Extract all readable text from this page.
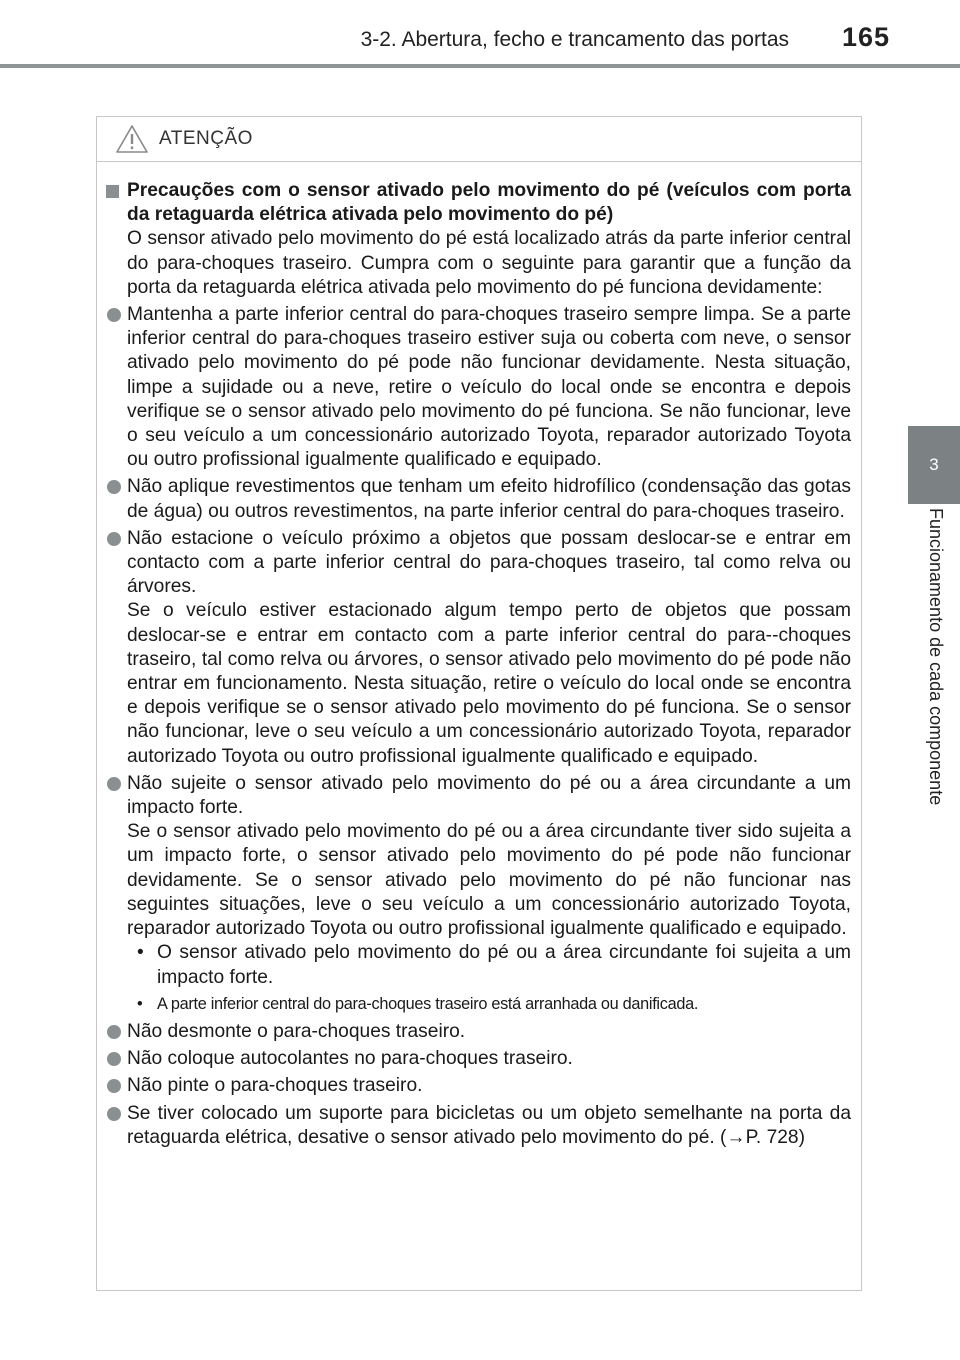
3-2. Abertura, fecho e trancamento das portas 165
3
Funcionamento de cada componente
ATENÇÃO
Precauções com o sensor ativado pelo movimento do pé (veículos com porta da retaguarda elétrica ativada pelo movimento do pé)
O sensor ativado pelo movimento do pé está localizado atrás da parte inferior central do para-choques traseiro. Cumpra com o seguinte para garantir que a função da porta da retaguarda elétrica ativada pelo movimento do pé funciona devidamente:
Mantenha a parte inferior central do para-choques traseiro sempre limpa. Se a parte inferior central do para-choques traseiro estiver suja ou coberta com neve, o sensor ativado pelo movimento do pé pode não funcionar devidamente. Nesta situação, limpe a sujidade ou a neve, retire o veículo do local onde se encontra e depois verifique se o sensor ativado pelo movimento do pé funciona. Se não funcionar, leve o seu veículo a um concessionário autorizado Toyota, reparador autorizado Toyota ou outro profissional igualmente qualificado e equipado.
Não aplique revestimentos que tenham um efeito hidrofílico (condensação das gotas de água) ou outros revestimentos, na parte inferior central do para-choques traseiro.
Não estacione o veículo próximo a objetos que possam deslocar-se e entrar em contacto com a parte inferior central do para-choques traseiro, tal como relva ou árvores.
Se o veículo estiver estacionado algum tempo perto de objetos que possam deslocar-se e entrar em contacto com a parte inferior central do para--choques traseiro, tal como relva ou árvores, o sensor ativado pelo movimento do pé pode não entrar em funcionamento. Nesta situação, retire o veículo do local onde se encontra e depois verifique se o sensor ativado pelo movimento do pé funciona. Se o sensor não funcionar, leve o seu veículo a um concessionário autorizado Toyota, reparador autorizado Toyota ou outro profissional igualmente qualificado e equipado.
Não sujeite o sensor ativado pelo movimento do pé ou a área circundante a um impacto forte.
Se o sensor ativado pelo movimento do pé ou a área circundante tiver sido sujeita a um impacto forte, o sensor ativado pelo movimento do pé pode não funcionar devidamente. Se o sensor ativado pelo movimento do pé não funcionar nas seguintes situações, leve o seu veículo a um concessionário autorizado Toyota, reparador autorizado Toyota ou outro profissional igualmente qualificado e equipado.
• O sensor ativado pelo movimento do pé ou a área circundante foi sujeita a um impacto forte.
• A parte inferior central do para-choques traseiro está arranhada ou danificada.
Não desmonte o para-choques traseiro.
Não coloque autocolantes no para-choques traseiro.
Não pinte o para-choques traseiro.
Se tiver colocado um suporte para bicicletas ou um objeto semelhante na porta da retaguarda elétrica, desative o sensor ativado pelo movimento do pé. (→P. 728)
